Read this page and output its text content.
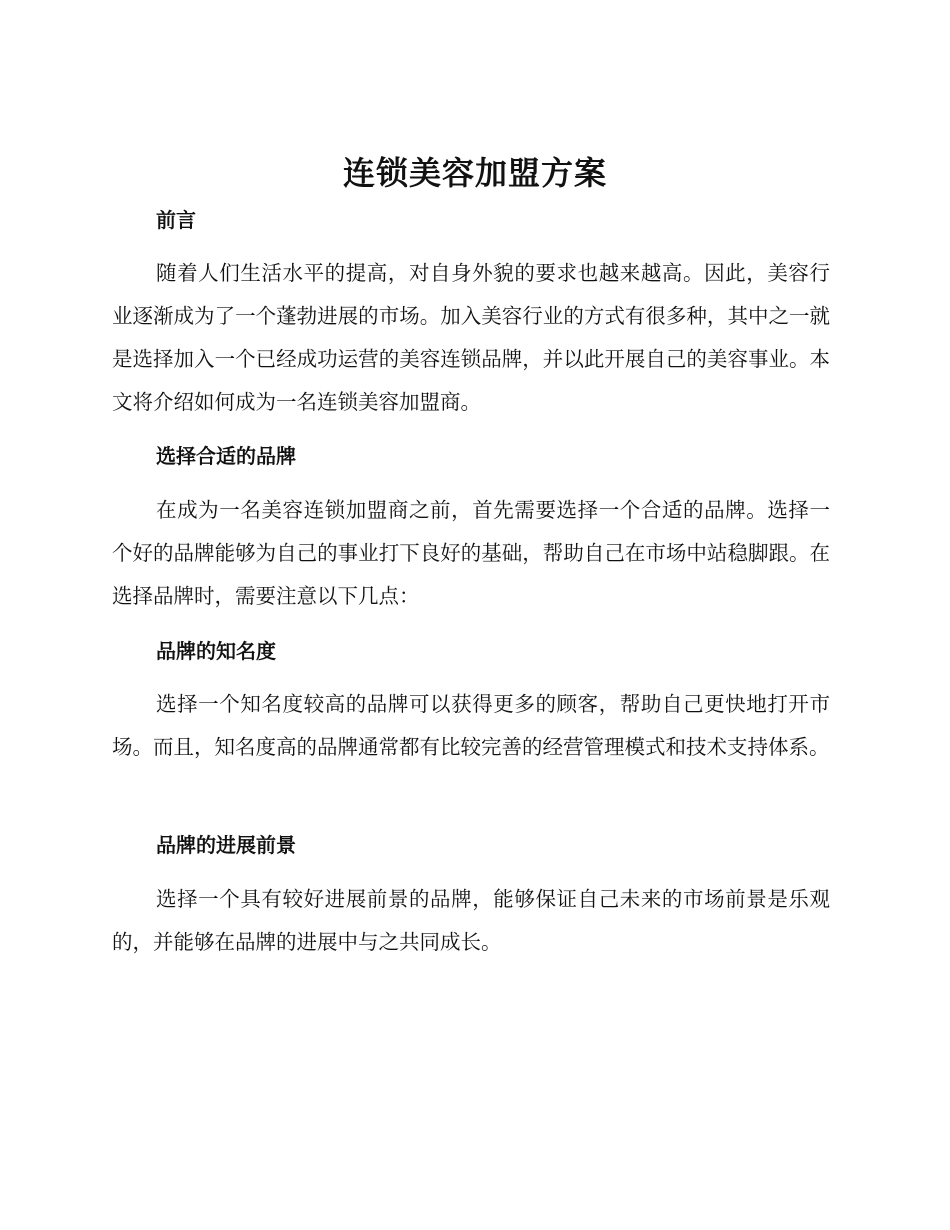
连锁美容加盟方案
前言

随着人们生活水平的提高，对自身外貌的要求也越来越高。因此，美容行业逐渐成为了一个蓬勃进展的市场。加入美容行业的方式有很多种，其中之一就是选择加入一个已经成功运营的美容连锁品牌，并以此开展自己的美容事业。本文将介绍如何成为一名连锁美容加盟商。

选择合适的品牌

在成为一名美容连锁加盟商之前，首先需要选择一个合适的品牌。选择一个好的品牌能够为自己的事业打下良好的基础，帮助自己在市场中站稳脚跟。在选择品牌时，需要注意以下几点：

品牌的知名度

选择一个知名度较高的品牌可以获得更多的顾客，帮助自己更快地打开市场。而且，知名度高的品牌通常都有比较完善的经营管理模式和技术支持体系。

品牌的进展前景

选择一个具有较好进展前景的品牌，能够保证自己未来的市场前景是乐观的，并能够在品牌的进展中与之共同成长。
